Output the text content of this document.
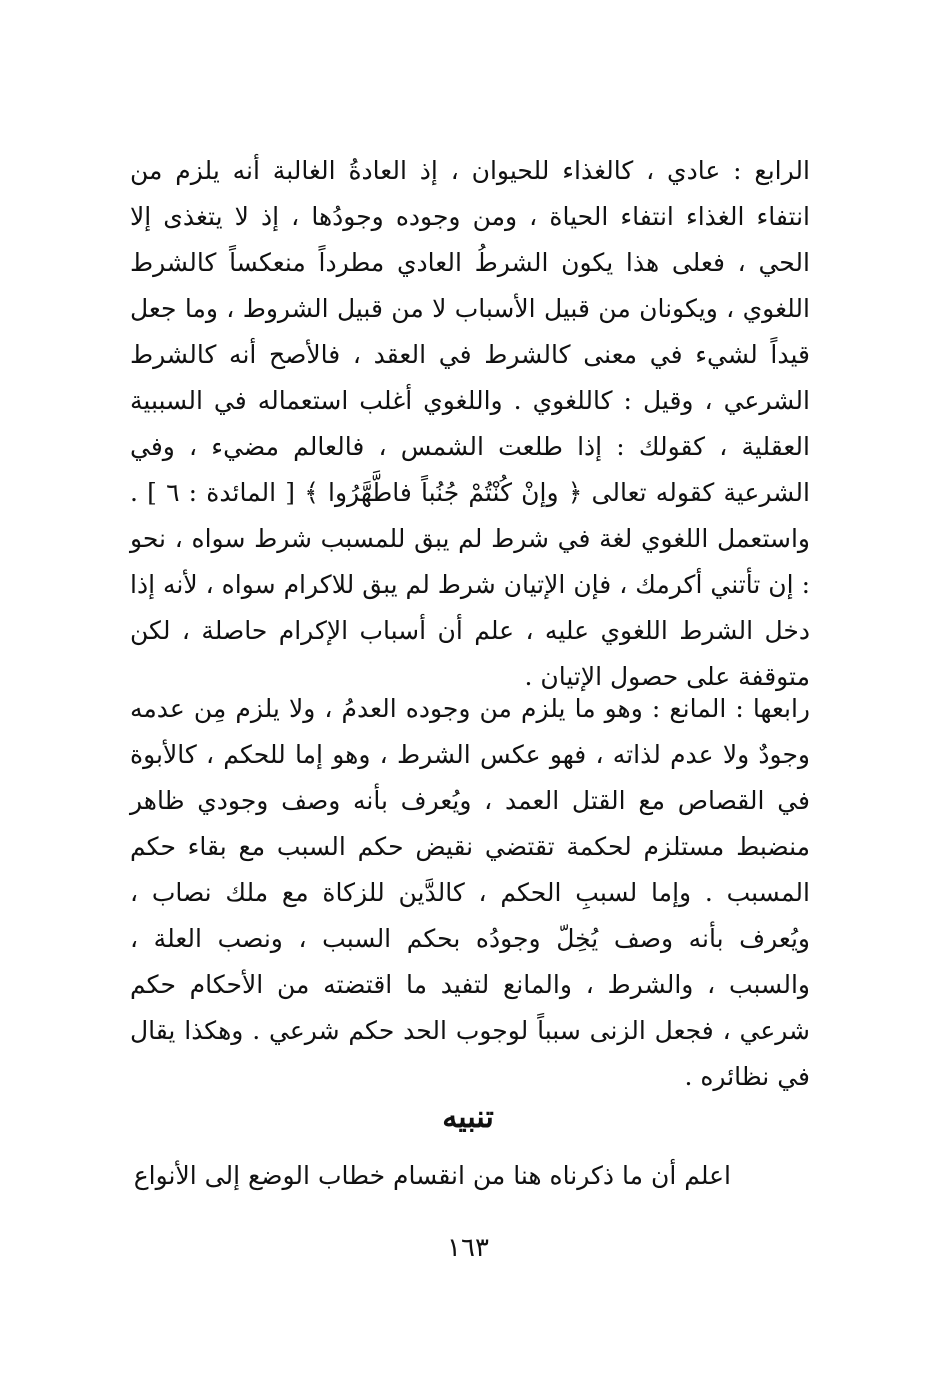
الرابع : عادي ، كالغذاء للحيوان ، إذ العادةُ الغالبة أنه يلزم من انتفاء الغذاء انتفاء الحياة ، ومن وجوده وجودُها ، إذ لا يتغذى إلا الحي ، فعلى هذا يكون الشرطُ العادي مطرداً منعكساً كالشرط اللغوي ، ويكونان من قبيل الأسباب لا من قبيل الشروط ، وما جعل قيداً لشيء في معنى كالشرط في العقد ، فالأصح أنه كالشرط الشرعي ، وقيل : كاللغوي . واللغوي أغلب استعماله في السببية العقلية ، كقولك : إذا طلعت الشمس ، فالعالم مضيء ، وفي الشرعية كقوله تعالى ﴿ وإنْ كُنْتُمْ جُنُباً فاطَّهَّرُوا ﴾ [ المائدة : ٦ ] . واستعمل اللغوي لغة في شرط لم يبق للمسبب شرط سواه ، نحو : إن تأتني أكرمك ، فإن الإتيان شرط لم يبق للاكرام سواه ، لأنه إذا دخل الشرط اللغوي عليه ، علم أن أسباب الإكرام حاصلة ، لكن متوقفة على حصول الإتيان .

رابعها : المانع : وهو ما يلزم من وجوده العدمُ ، ولا يلزم مِن عدمه وجودٌ ولا عدم لذاته ، فهو عكس الشرط ، وهو إما للحكم ، كالأبوة في القصاص مع القتل العمد ، ويُعرف بأنه وصف وجودي ظاهر منضبط مستلزم لحكمة تقتضي نقيض حكم السبب مع بقاء حكم المسبب . وإما لسببِ الحكم ، كالدَّين للزكاة مع ملك نصاب ، ويُعرف بأنه وصف يُخِلّ وجودُه بحكم السبب ، ونصب العلة ، والسبب ، والشرط ، والمانع لتفيد ما اقتضته من الأحكام حكم شرعي ، فجعل الزنى سبباً لوجوب الحد حكم شرعي . وهكذا يقال في نظائره .

تنبيه

اعلم أن ما ذكرناه هنا من انقسام خطاب الوضع إلى الأنواع

١٦٣
